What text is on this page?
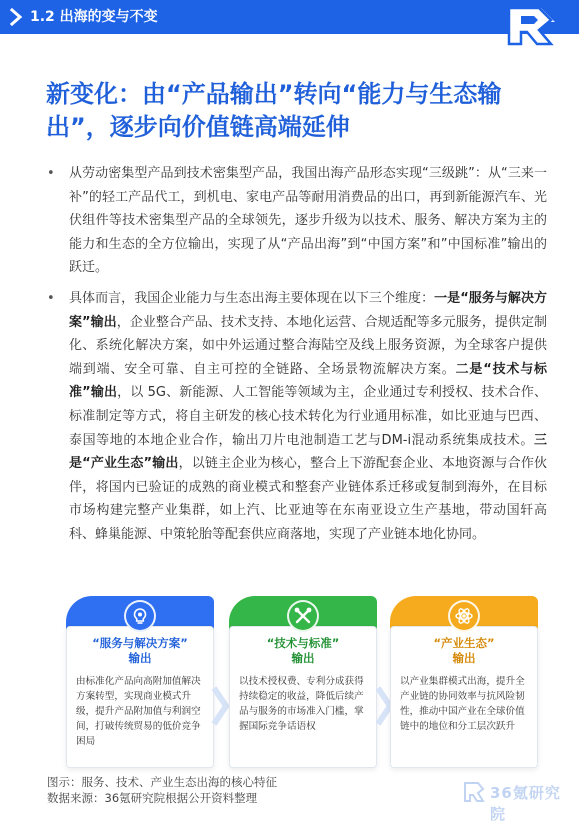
1.2 出海的变与不变
新变化：由“产品输出”转向“能力与生态输出”，逐步向价值链高端延伸
• 从劳动密集型产品到技术密集型产品，我国出海产品形态实现“三级跳”：从“三来一补”的轻工产品代工，到机电、家电产品等耐用消费品的出口，再到新能源汽车、光伏组件等技术密集型产品的全球领先，逐步升级为以技术、服务、解决方案为主的能力和生态的全方位输出，实现了从“产品出海”到“中国方案”和”中国标准”输出的跃迁。
• 具体而言，我国企业能力与生态出海主要体现在以下三个维度：一是“服务与解决方案”输出，企业整合产品、技术支持、本地化运营、合规适配等多元服务，提供定制化、系统化解决方案，如中外运通过整合海陆空及线上服务资源，为全球客户提供端到端、安全可靠、自主可控的全链路、全场景物流解决方案。二是“技术与标准”输出，以 5G、新能源、人工智能等领域为主，企业通过专利授权、技术合作、标准制定等方式，将自主研发的核心技术转化为行业通用标准，如比亚迪与巴西、泰国等地的本地企业合作，输出刀片电池制造工艺与DM-i混动系统集成技术。三是“产业生态”输出，以链主企业为核心，整合上下游配套企业、本地资源与合作伙伴，将国内已验证的成熟的商业模式和整套产业链体系迁移或复制到海外，在目标市场构建完整产业集群，如上汽、比亚迪等在东南亚设立生产基地，带动国轩高科、蜂巢能源、中策轮胎等配套供应商落地，实现了产业链本地化协同。
“服务与解决方案”
输出
由标准化产品向高附加值解决方案转型，实现商业模式升级，提升产品附加值与利润空间，打破传统贸易的低价竞争困局
“技术与标准”
输出
以技术授权费、专利分成获得持续稳定的收益，降低后续产品与服务的市场准入门槛，掌握国际竞争话语权
“产业生态”
输出
以产业集群模式出海，提升全产业链的协同效率与抗风险韧性，推动中国产业在全球价值链中的地位和分工层次跃升
图示：服务、技术、产业生态出海的核心特征
数据来源：36氪研究院根据公开资料整理	36氪研究院
